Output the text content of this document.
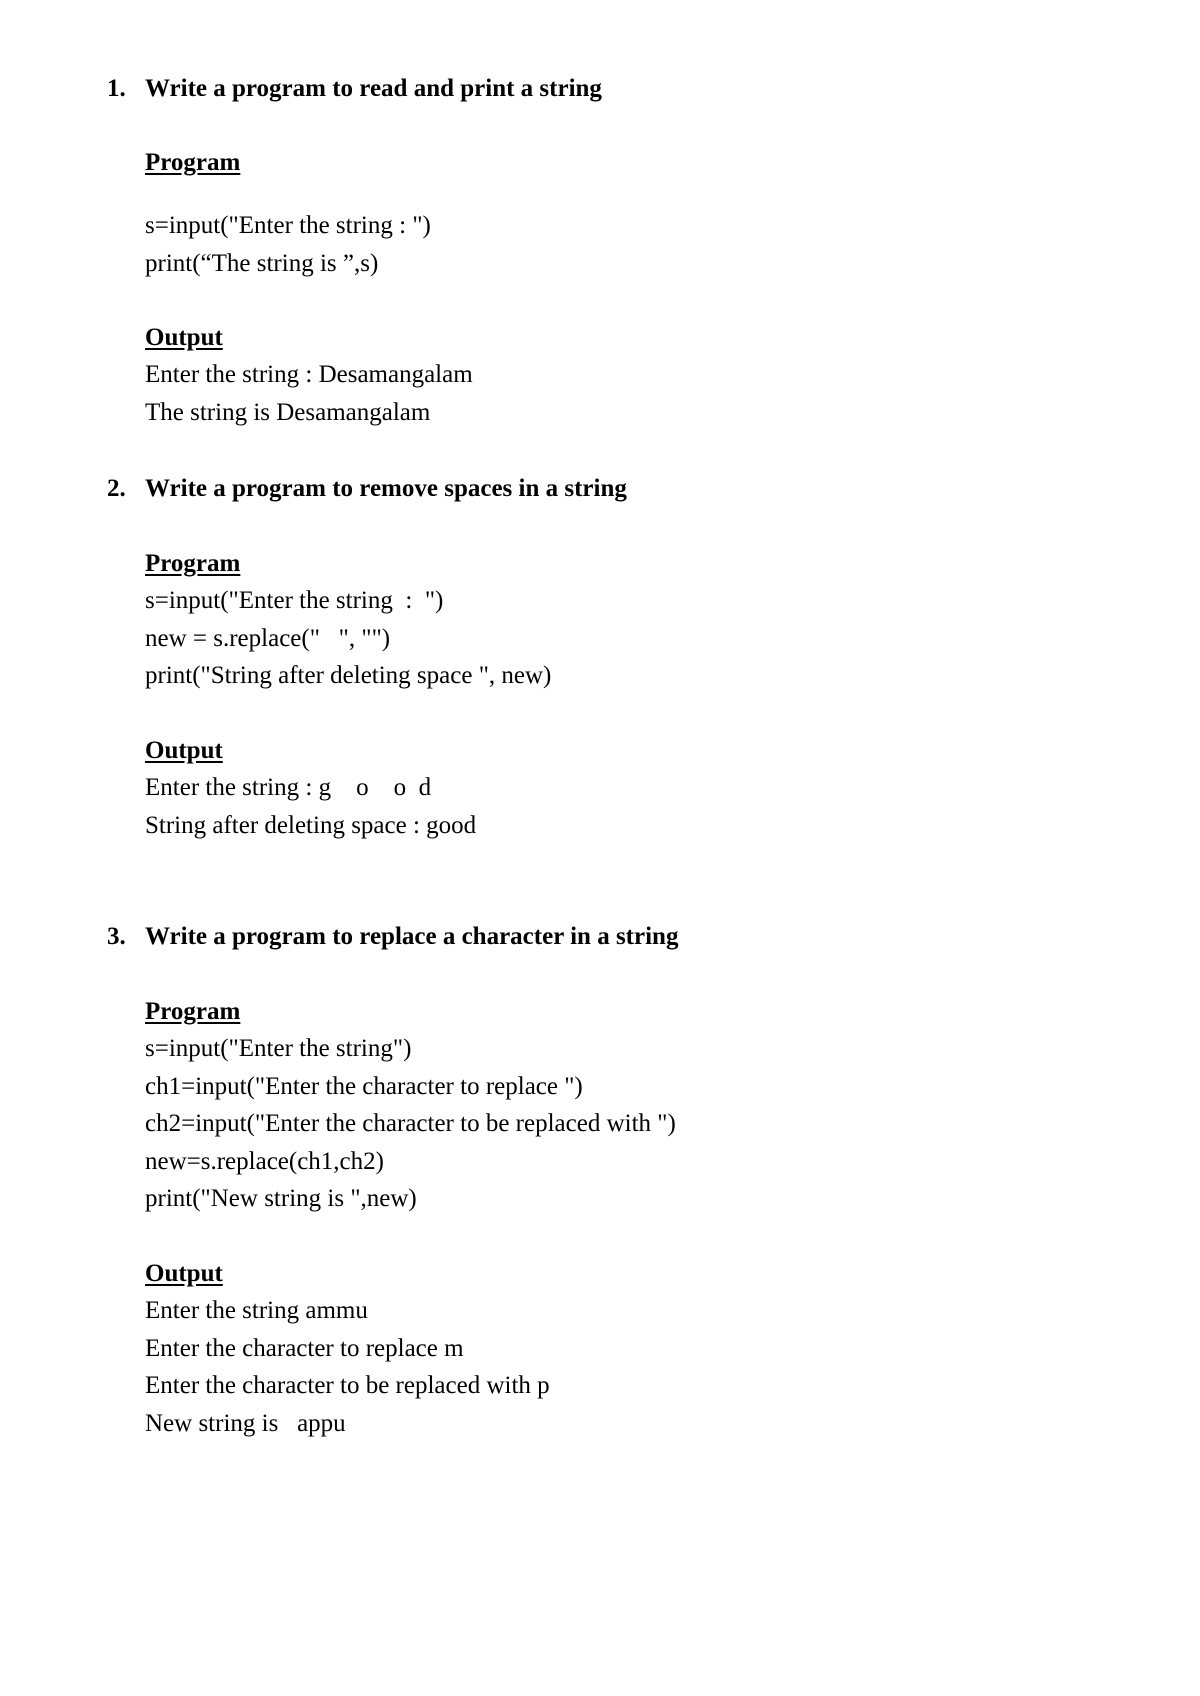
1. Write a program to read and print a string
Program
s=input("Enter the string : ")
print(“The string is ”,s)
Output
Enter the string : Desamangalam
The string is Desamangalam
2. Write a program to remove spaces in a string
Program
s=input("Enter the string  :  ")
new = s.replace("   ", "")
print("String after deleting space ", new)
Output
Enter the string : g    o    o  d
String after deleting space : good
3. Write a program to replace a character in a string
Program
s=input("Enter the string")
ch1=input("Enter the character to replace ")
ch2=input("Enter the character to be replaced with ")
new=s.replace(ch1,ch2)
print("New string is ",new)
Output
Enter the string ammu
Enter the character to replace m
Enter the character to be replaced with p
New string is   appu
